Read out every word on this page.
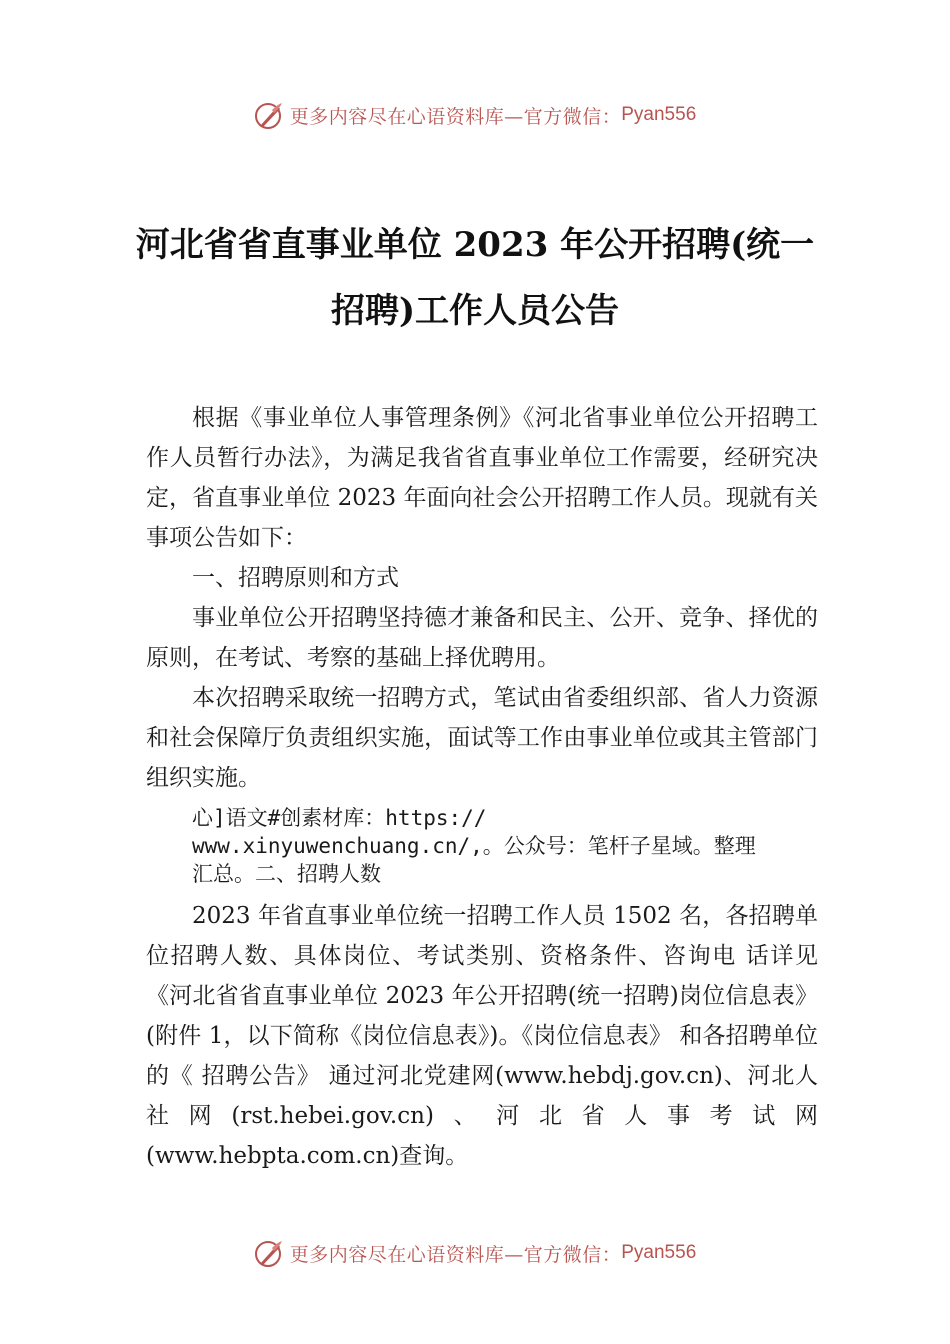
更多内容尽在心语资料库—官方微信： Pyan556
河北省省直事业单位 2023 年公开招聘(统一
招聘)工作人员公告

根据《事业单位人事管理条例》《河北省事业单位公开招聘工作人员暂行办法》，为满足我省省直事业单位工作需要，经研究决定，省直事业单位 2023 年面向社会公开招聘工作人员。现就有关事项公告如下：

一、招聘原则和方式

事业单位公开招聘坚持德才兼备和民主、公开、竞争、择优的原则，在考试、考察的基础上择优聘用。

本次招聘采取统一招聘方式，笔试由省委组织部、省人力资源和社会保障厅负责组织实施，面试等工作由事业单位或其主管部门组织实施。

心]语文#创素材库：https://
www.xinyuwenchuang.cn/,。公众号：笔杆子星域。整理
汇总。二、招聘人数

2023 年省直事业单位统一招聘工作人员 1502 名，各招聘单位招聘人数、具体岗位、考试类别、资格条件、咨询电 话详见《河北省省直事业单位 2023 年公开招聘(统一招聘)岗位信息表》(附件 1，以下简称《岗位信息表》)。《岗位信息表》 和各招聘单位的《 招聘公告》 通过河北党建网(www.hebdj.gov.cn)、河北人社网(rst.hebei.gov.cn)、河北省人事考试网(www.hebpta.com.cn)查询。

更多内容尽在心语资料库—官方微信： Pyan556
